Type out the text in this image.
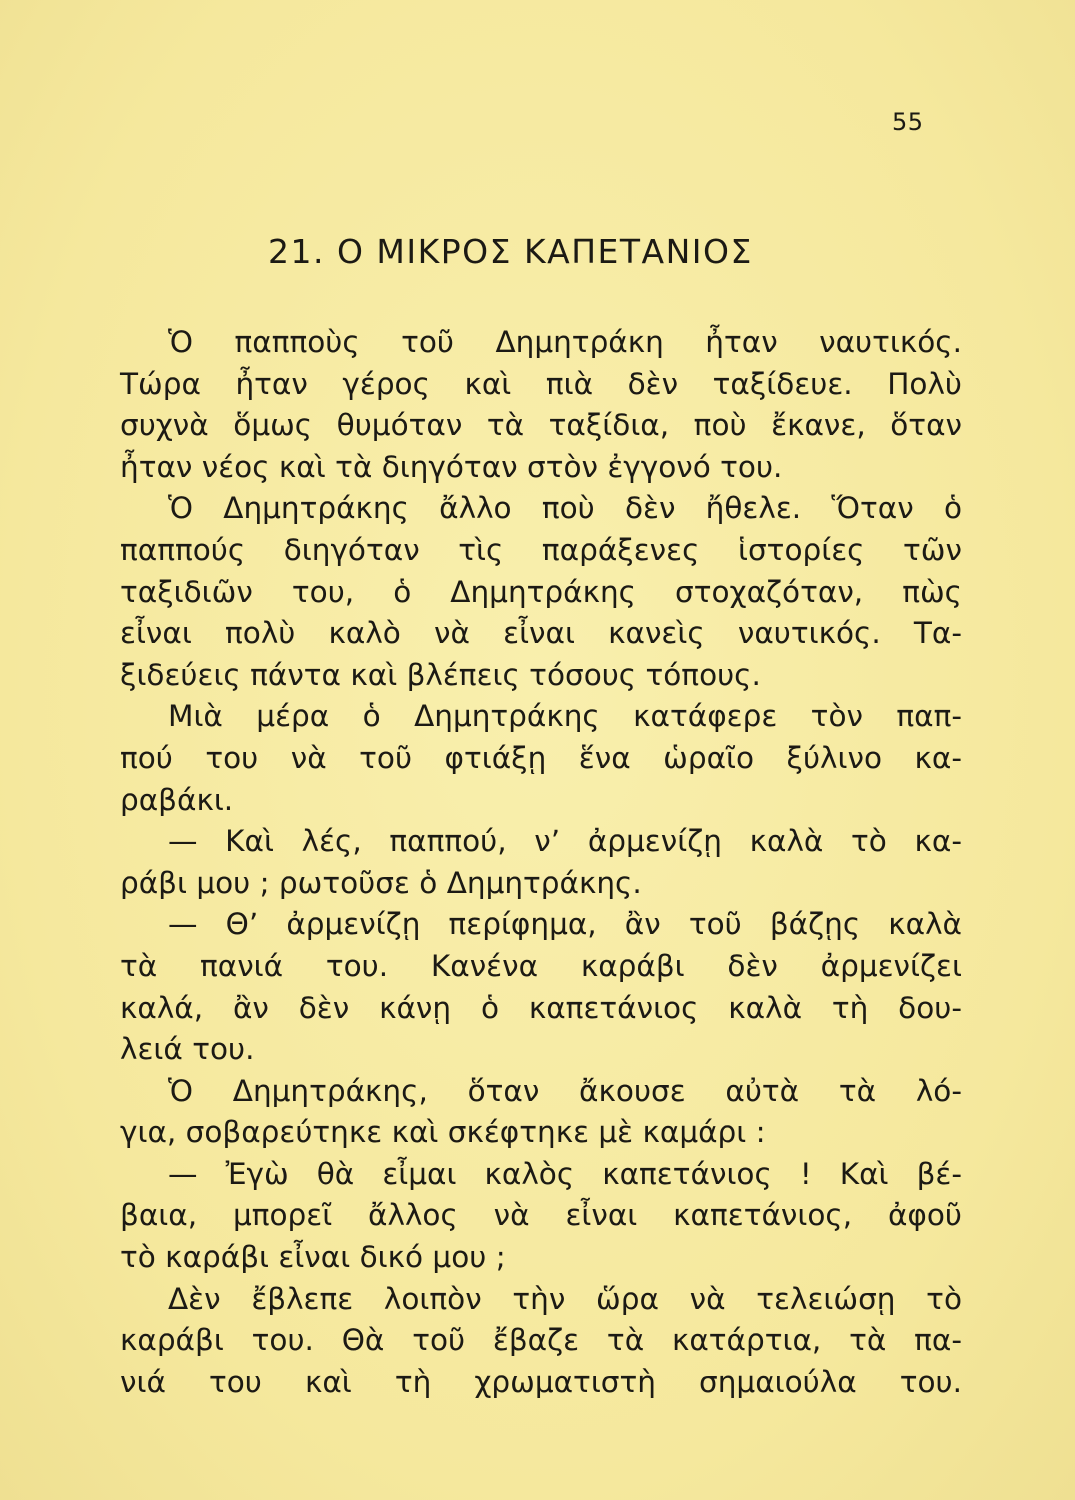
55
21. Ο ΜΙΚΡΟΣ ΚΑΠΕΤΑΝΙΟΣ
Ὁ παπποὺς τοῦ Δημητράκη ἦταν ναυτικός.
Τώρα ἦταν γέρος καὶ πιὰ δὲν ταξίδευε. Πολὺ
συχνὰ ὅμως θυμόταν τὰ ταξίδια, ποὺ ἔκανε, ὅταν
ἦταν νέος καὶ τὰ διηγόταν στὸν ἐγγονό του.
Ὁ Δημητράκης ἄλλο ποὺ δὲν ἤθελε. Ὅταν ὁ
παππούς διηγόταν τὶς παράξενες ἱστορίες τῶν
ταξιδιῶν του, ὁ Δημητράκης στοχαζόταν, πὼς
εἶναι πολὺ καλὸ νὰ εἶναι κανεὶς ναυτικός. Τα-
ξιδεύεις πάντα καὶ βλέπεις τόσους τόπους.
Μιὰ μέρα ὁ Δημητράκης κατάφερε τὸν παπ-
πού του νὰ τοῦ φτιάξῃ ἕνα ὡραῖο ξύλινο κα-
ραβάκι.
— Καὶ λές, παππού, ν’ ἀρμενίζῃ καλὰ τὸ κα-
ράβι μου ; ρωτοῦσε ὁ Δημητράκης.
— Θ’ ἀρμενίζῃ περίφημα, ἂν τοῦ βάζῃς καλὰ
τὰ πανιά του. Κανένα καράβι δὲν ἀρμενίζει
καλά, ἂν δὲν κάνῃ ὁ καπετάνιος καλὰ τὴ δου-
λειά του.
Ὁ Δημητράκης, ὅταν ἄκουσε αὐτὰ τὰ λό-
για, σοβαρεύτηκε καὶ σκέφτηκε μὲ καμάρι :
— Ἐγὼ θὰ εἶμαι καλὸς καπετάνιος ! Καὶ βέ-
βαια, μπορεῖ ἄλλος νὰ εἶναι καπετάνιος, ἀφοῦ
τὸ καράβι εἶναι δικό μου ;
Δὲν ἔβλεπε λοιπὸν τὴν ὥρα νὰ τελειώσῃ τὸ
καράβι του. Θὰ τοῦ ἔβαζε τὰ κατάρτια, τὰ πα-
νιά του καὶ τὴ χρωματιστὴ σημαιούλα του.
